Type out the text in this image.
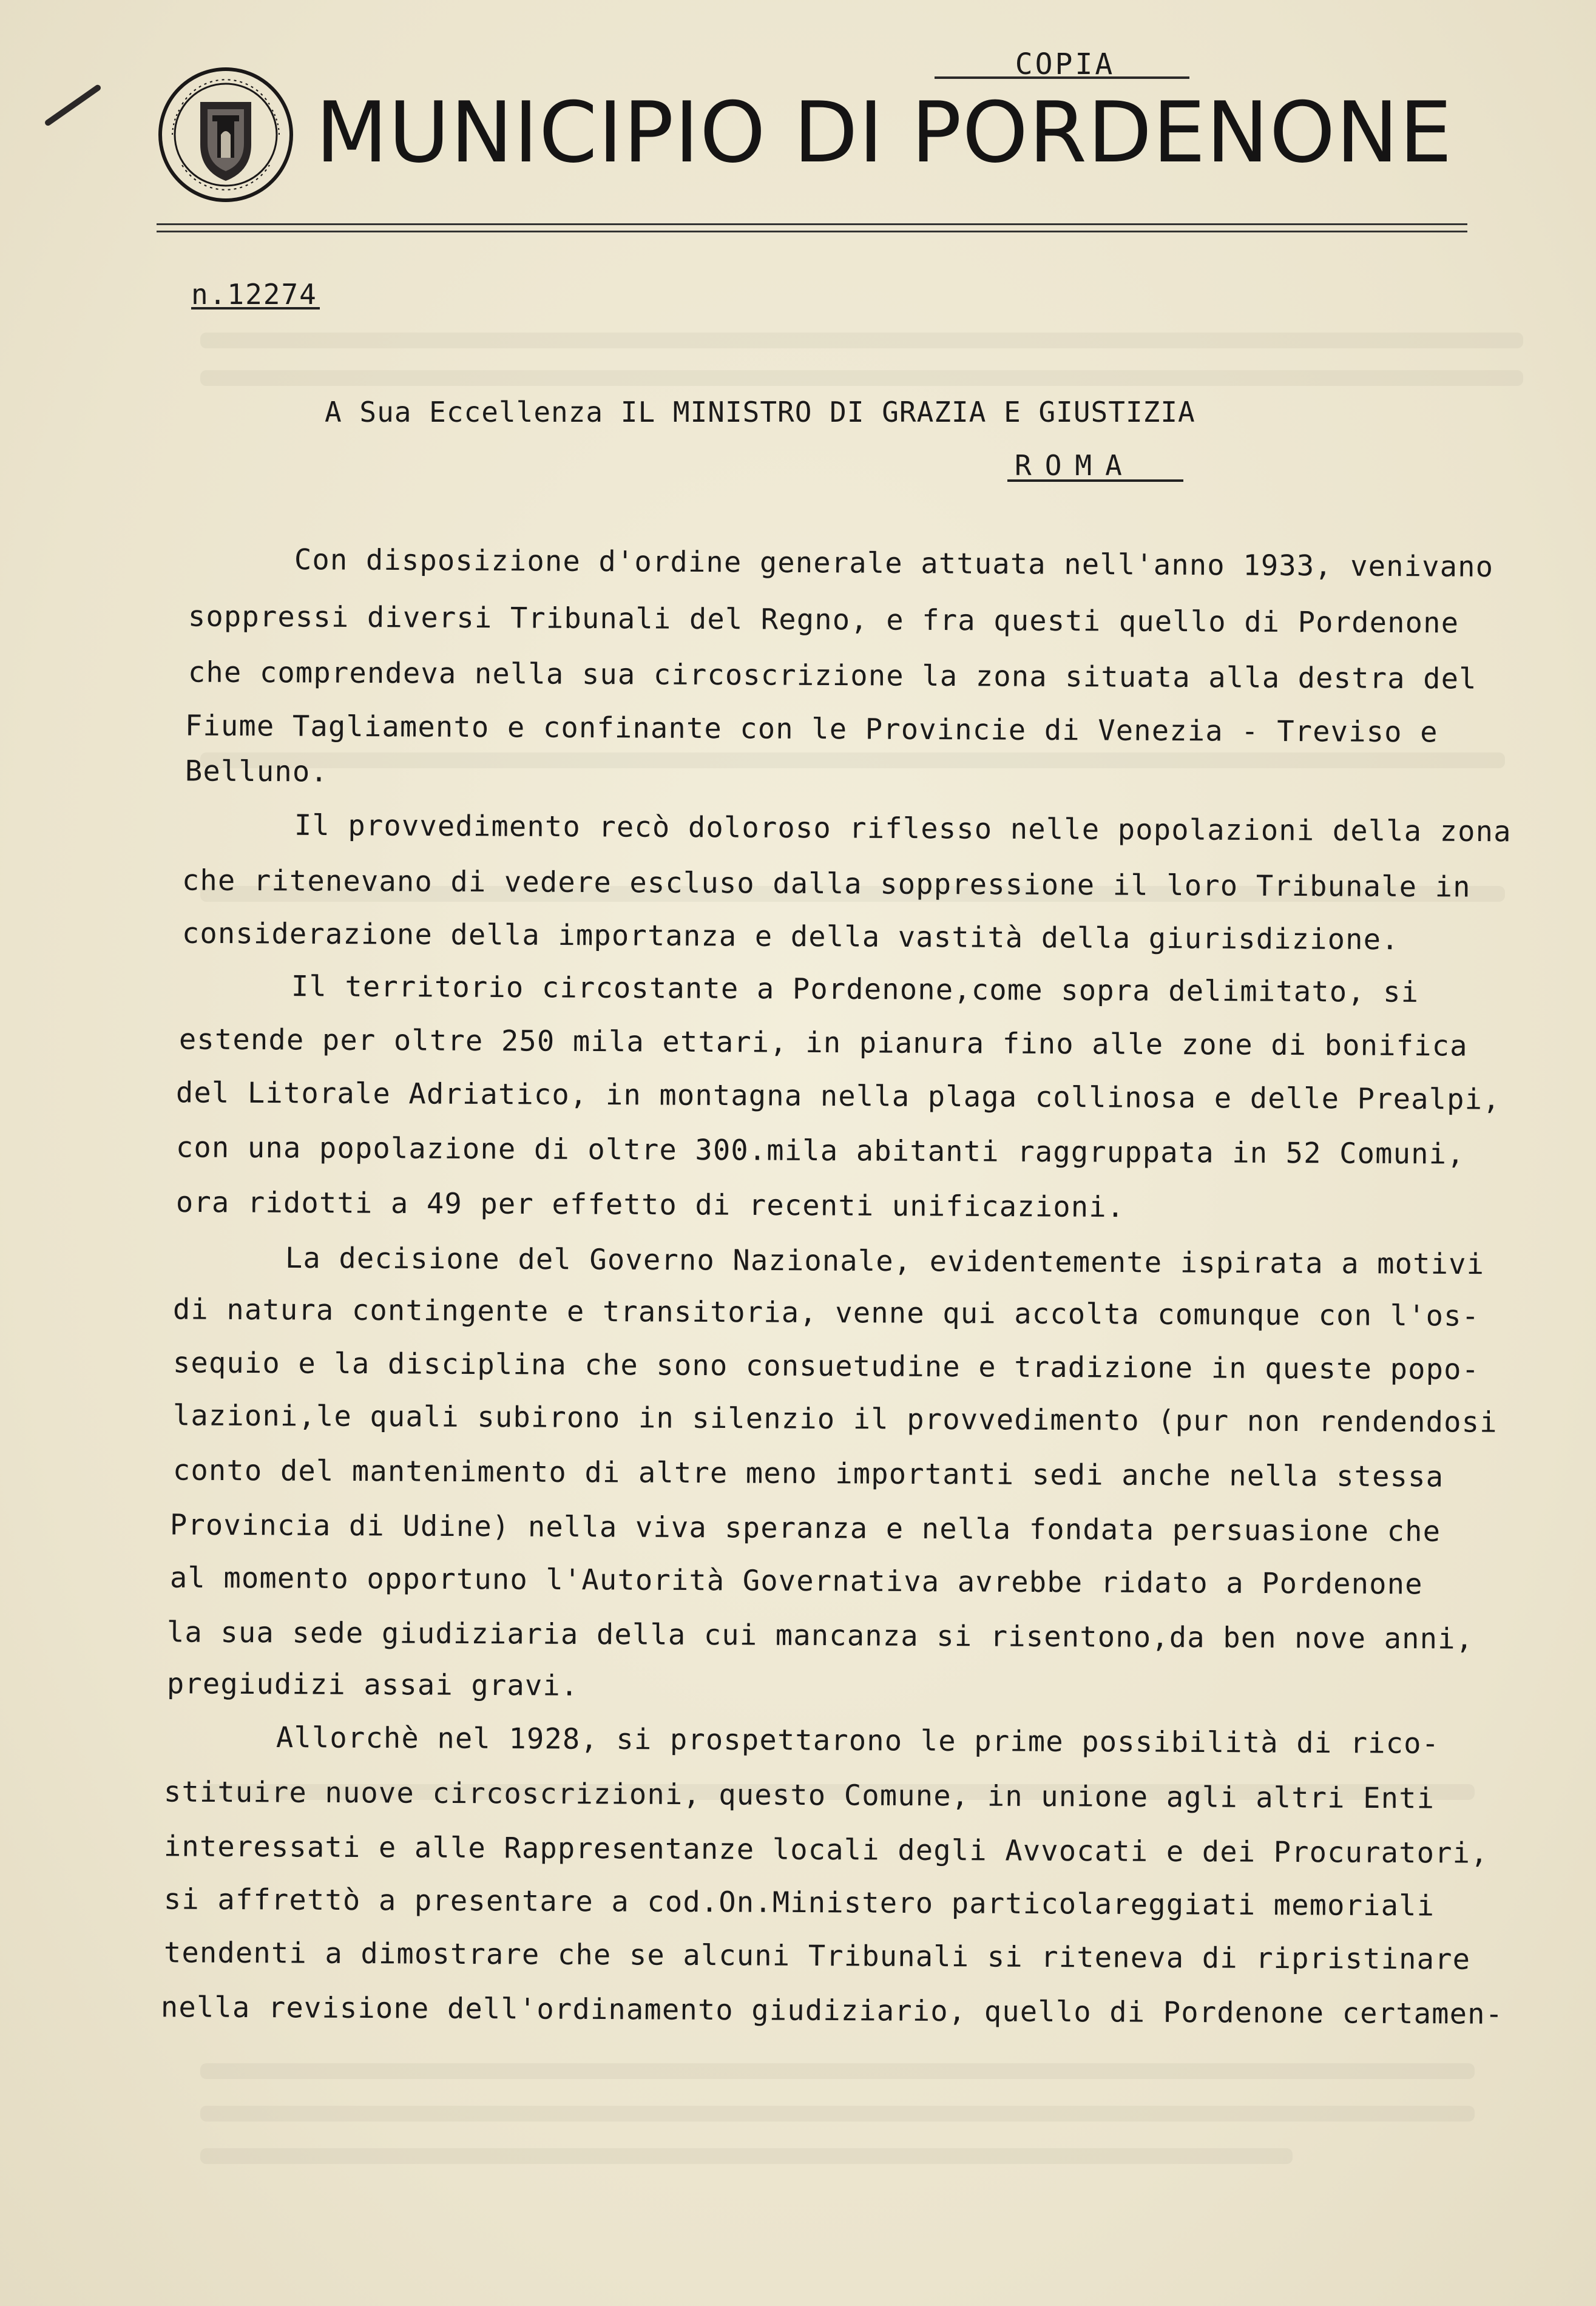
MUNICIPIO DI PORDENONE
COPIA
n.12274
A Sua Eccellenza IL MINISTRO DI GRAZIA E GIUSTIZIA
ROMA
Con disposizione d'ordine generale attuata nell'anno 1933, venivano
soppressi diversi Tribunali del Regno, e fra questi quello di Pordenone
che comprendeva nella sua circoscrizione la zona situata alla destra del
Fiume Tagliamento e confinante con le Provincie di Venezia - Treviso e
Belluno.
Il provvedimento recò doloroso riflesso nelle popolazioni della zona
che ritenevano di vedere escluso dalla soppressione il loro Tribunale in
considerazione della importanza e della vastità della giurisdizione.
Il territorio circostante a Pordenone,come sopra delimitato, si
estende per oltre 250 mila ettari, in pianura fino alle zone di bonifica
del Litorale Adriatico, in montagna nella plaga collinosa e delle Prealpi,
con una popolazione di oltre 300.mila abitanti raggruppata in 52 Comuni,
ora ridotti a 49 per effetto di recenti unificazioni.
La decisione del Governo Nazionale, evidentemente ispirata a motivi
di natura contingente e transitoria, venne qui accolta comunque con l'os-
sequio e la disciplina che sono consuetudine e tradizione in queste popo-
lazioni,le quali subirono in silenzio il provvedimento (pur non rendendosi
conto del mantenimento di altre meno importanti sedi anche nella stessa
Provincia di Udine) nella viva speranza e nella fondata persuasione che
al momento opportuno l'Autorità Governativa avrebbe ridato a Pordenone
la sua sede giudiziaria della cui mancanza si risentono,da ben nove anni,
pregiudizi assai gravi.
Allorchè nel 1928, si prospettarono le prime possibilità di rico-
stituire nuove circoscrizioni, questo Comune, in unione agli altri Enti
interessati e alle Rappresentanze locali degli Avvocati e dei Procuratori,
si affrettò a presentare a cod.On.Ministero particolareggiati memoriali
tendenti a dimostrare che se alcuni Tribunali si riteneva di ripristinare
nella revisione dell'ordinamento giudiziario, quello di Pordenone certamen-
